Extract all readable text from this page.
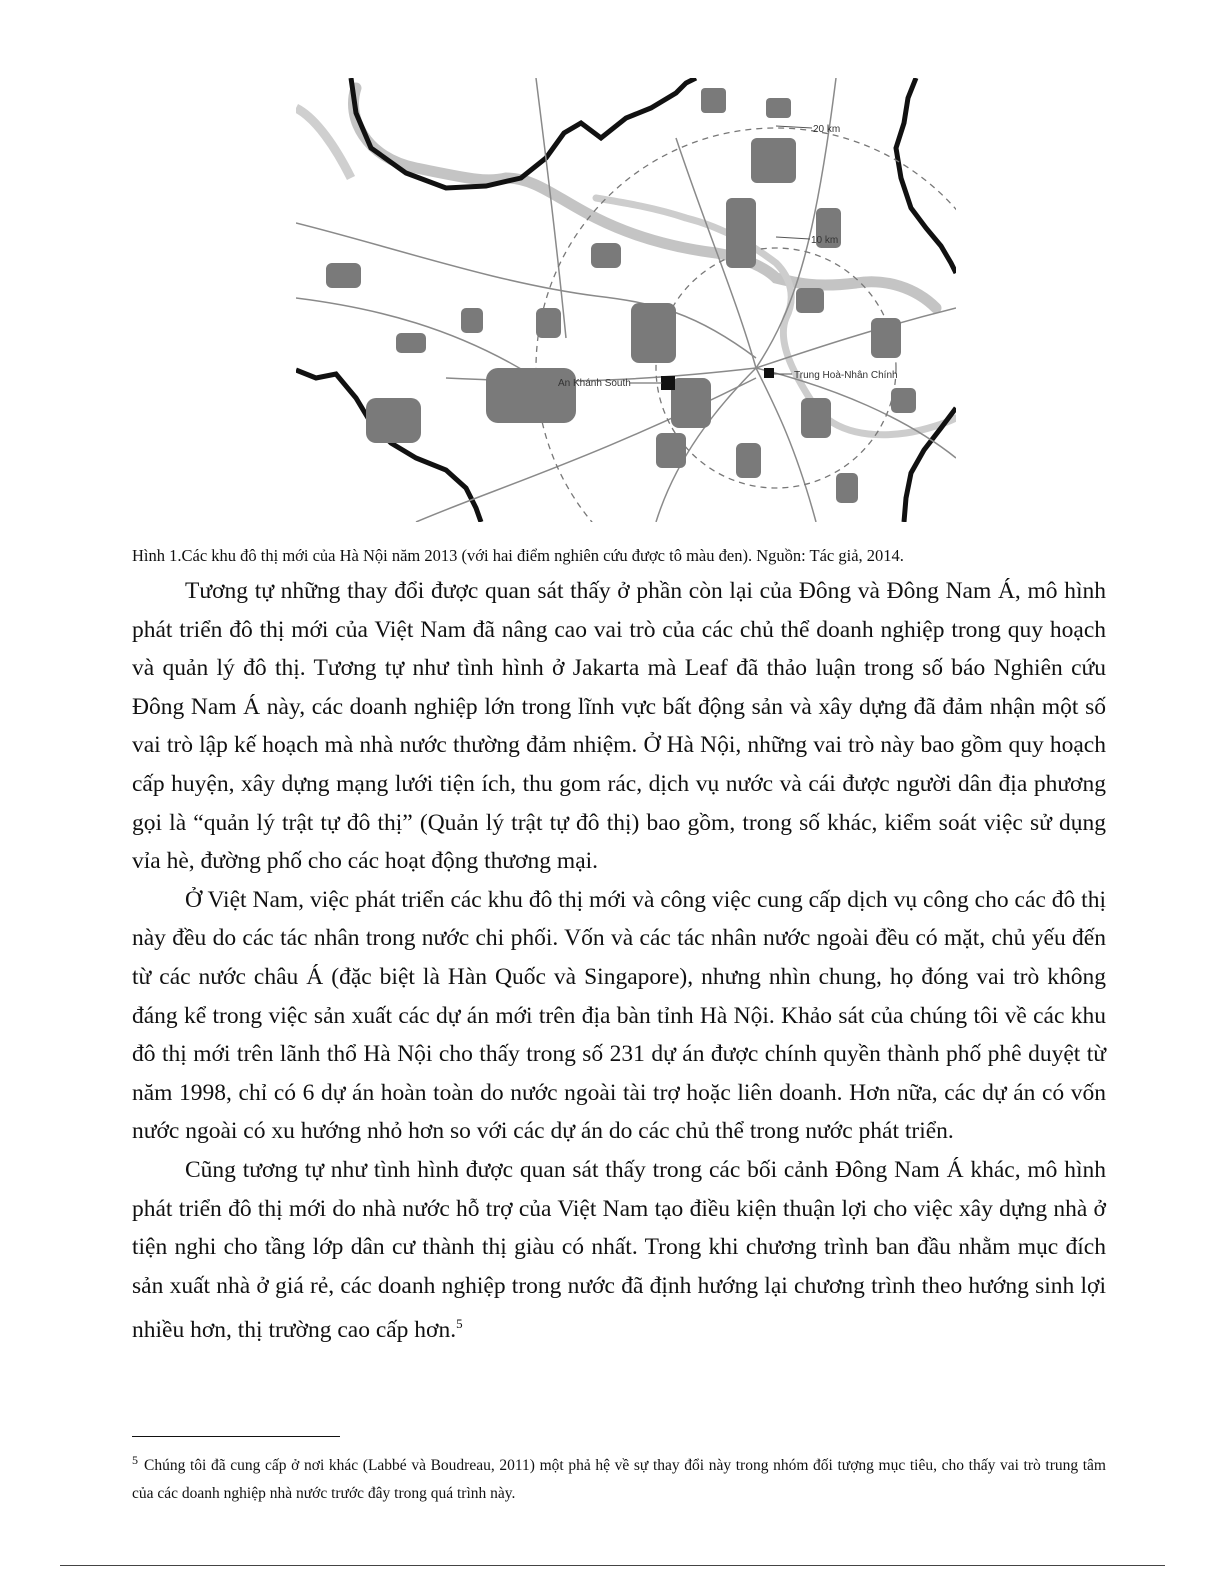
20 km
10 km
An Khánh South
Trung Hoà-Nhân Chính
Hình 1.Các khu đô thị mới của Hà Nội năm 2013 (với hai điểm nghiên cứu được tô màu đen). Nguồn: Tác giả, 2014.

Tương tự những thay đổi được quan sát thấy ở phần còn lại của Đông và Đông Nam Á, mô hình phát triển đô thị mới của Việt Nam đã nâng cao vai trò của các chủ thể doanh nghiệp trong quy hoạch và quản lý đô thị. Tương tự như tình hình ở Jakarta mà Leaf đã thảo luận trong số báo Nghiên cứu Đông Nam Á này, các doanh nghiệp lớn trong lĩnh vực bất động sản và xây dựng đã đảm nhận một số vai trò lập kế hoạch mà nhà nước thường đảm nhiệm. Ở Hà Nội, những vai trò này bao gồm quy hoạch cấp huyện, xây dựng mạng lưới tiện ích, thu gom rác, dịch vụ nước và cái được người dân địa phương gọi là “quản lý trật tự đô thị” (Quản lý trật tự đô thị) bao gồm, trong số khác, kiểm soát việc sử dụng vỉa hè, đường phố cho các hoạt động thương mại.

Ở Việt Nam, việc phát triển các khu đô thị mới và công việc cung cấp dịch vụ công cho các đô thị này đều do các tác nhân trong nước chi phối. Vốn và các tác nhân nước ngoài đều có mặt, chủ yếu đến từ các nước châu Á (đặc biệt là Hàn Quốc và Singapore), nhưng nhìn chung, họ đóng vai trò không đáng kể trong việc sản xuất các dự án mới trên địa bàn tỉnh Hà Nội. Khảo sát của chúng tôi về các khu đô thị mới trên lãnh thổ Hà Nội cho thấy trong số 231 dự án được chính quyền thành phố phê duyệt từ năm 1998, chỉ có 6 dự án hoàn toàn do nước ngoài tài trợ hoặc liên doanh. Hơn nữa, các dự án có vốn nước ngoài có xu hướng nhỏ hơn so với các dự án do các chủ thể trong nước phát triển.

Cũng tương tự như tình hình được quan sát thấy trong các bối cảnh Đông Nam Á khác, mô hình phát triển đô thị mới do nhà nước hỗ trợ của Việt Nam tạo điều kiện thuận lợi cho việc xây dựng nhà ở tiện nghi cho tầng lớp dân cư thành thị giàu có nhất. Trong khi chương trình ban đầu nhằm mục đích sản xuất nhà ở giá rẻ, các doanh nghiệp trong nước đã định hướng lại chương trình theo hướng sinh lợi nhiều hơn, thị trường cao cấp hơn.$^5$

$^5$ Chúng tôi đã cung cấp ở nơi khác (Labbé và Boudreau, 2011) một phả hệ về sự thay đổi này trong nhóm đối tượng mục tiêu, cho thấy vai trò trung tâm của các doanh nghiệp nhà nước trước đây trong quá trình này.
